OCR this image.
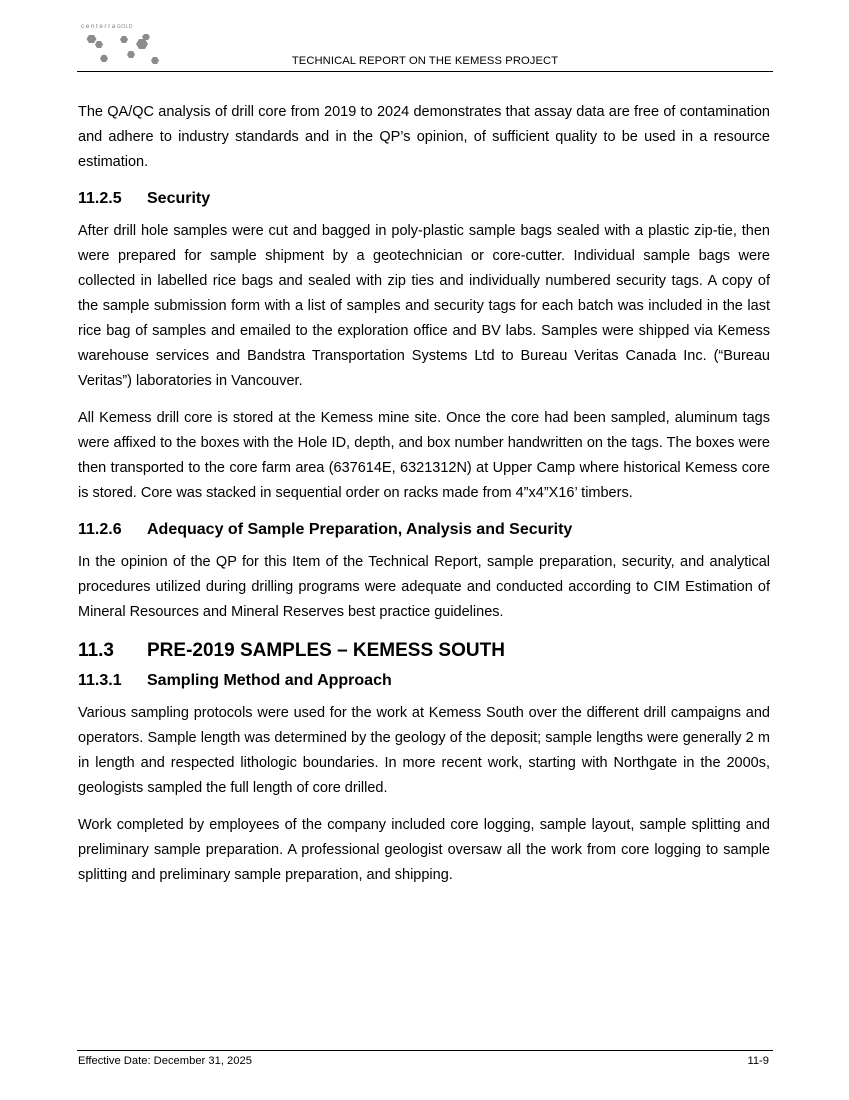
centerraGOLD
TECHNICAL REPORT ON THE KEMESS PROJECT

The QA/QC analysis of drill core from 2019 to 2024 demonstrates that assay data are free of contamination and adhere to industry standards and in the QP’s opinion, of sufficient quality to be used in a resource estimation.

11.2.5 Security

After drill hole samples were cut and bagged in poly-plastic sample bags sealed with a plastic zip-tie, then were prepared for sample shipment by a geotechnician or core-cutter. Individual sample bags were collected in labelled rice bags and sealed with zip ties and individually numbered security tags. A copy of the sample submission form with a list of samples and security tags for each batch was included in the last rice bag of samples and emailed to the exploration office and BV labs. Samples were shipped via Kemess warehouse services and Bandstra Transportation Systems Ltd to Bureau Veritas Canada Inc. (“Bureau Veritas”) laboratories in Vancouver.

All Kemess drill core is stored at the Kemess mine site. Once the core had been sampled, aluminum tags were affixed to the boxes with the Hole ID, depth, and box number handwritten on the tags. The boxes were then transported to the core farm area (637614E, 6321312N) at Upper Camp where historical Kemess core is stored. Core was stacked in sequential order on racks made from 4”x4”X16’ timbers.

11.2.6 Adequacy of Sample Preparation, Analysis and Security

In the opinion of the QP for this Item of the Technical Report, sample preparation, security, and analytical procedures utilized during drilling programs were adequate and conducted according to CIM Estimation of Mineral Resources and Mineral Reserves best practice guidelines.

11.3 PRE-2019 SAMPLES – KEMESS SOUTH
11.3.1 Sampling Method and Approach

Various sampling protocols were used for the work at Kemess South over the different drill campaigns and operators. Sample length was determined by the geology of the deposit; sample lengths were generally 2 m in length and respected lithologic boundaries. In more recent work, starting with Northgate in the 2000s, geologists sampled the full length of core drilled.

Work completed by employees of the company included core logging, sample layout, sample splitting and preliminary sample preparation. A professional geologist oversaw all the work from core logging to sample splitting and preliminary sample preparation, and shipping.

Effective Date: December 31, 2025	11-9
